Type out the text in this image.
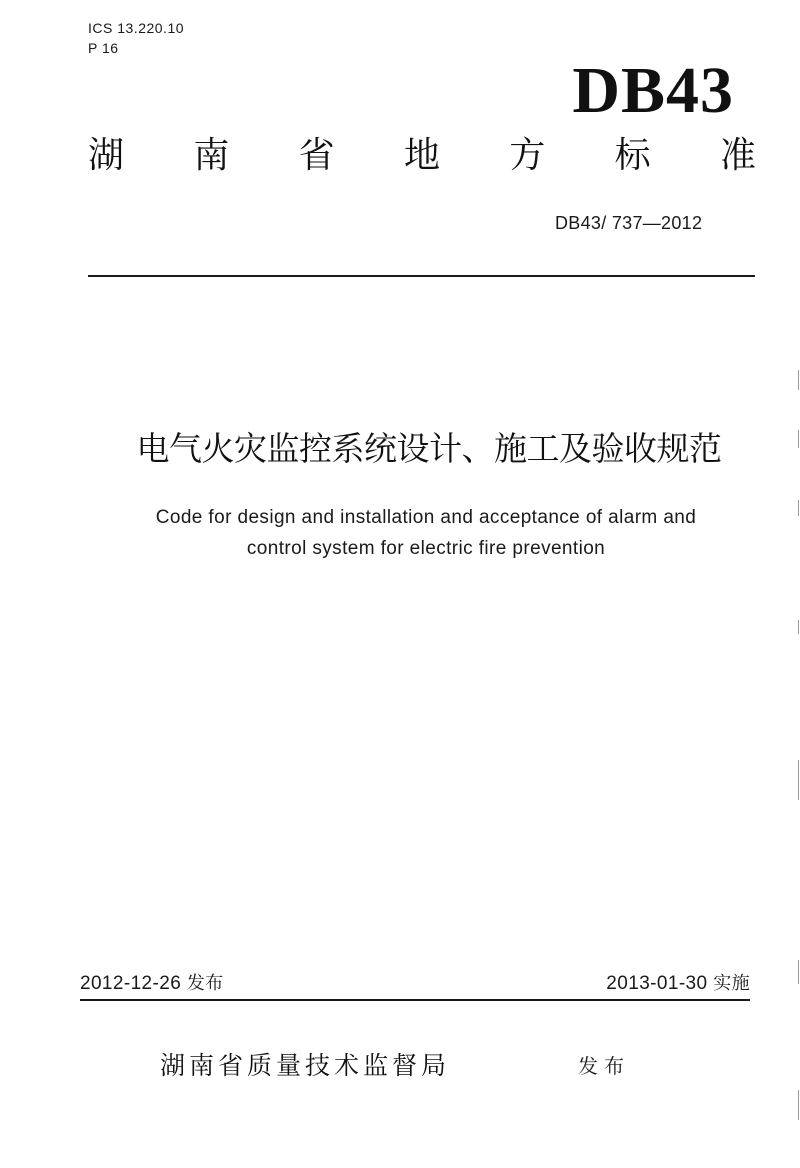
ICS 13.220.10
P 16
DB43
湖 南 省 地 方 标 准
DB43/ 737—2012
电气火灾监控系统设计、施工及验收规范
Code for design and installation and acceptance of alarm and
control system for electric fire prevention
2012-12-26 发布	2013-01-30 实施
湖南省质量技术监督局	发布
